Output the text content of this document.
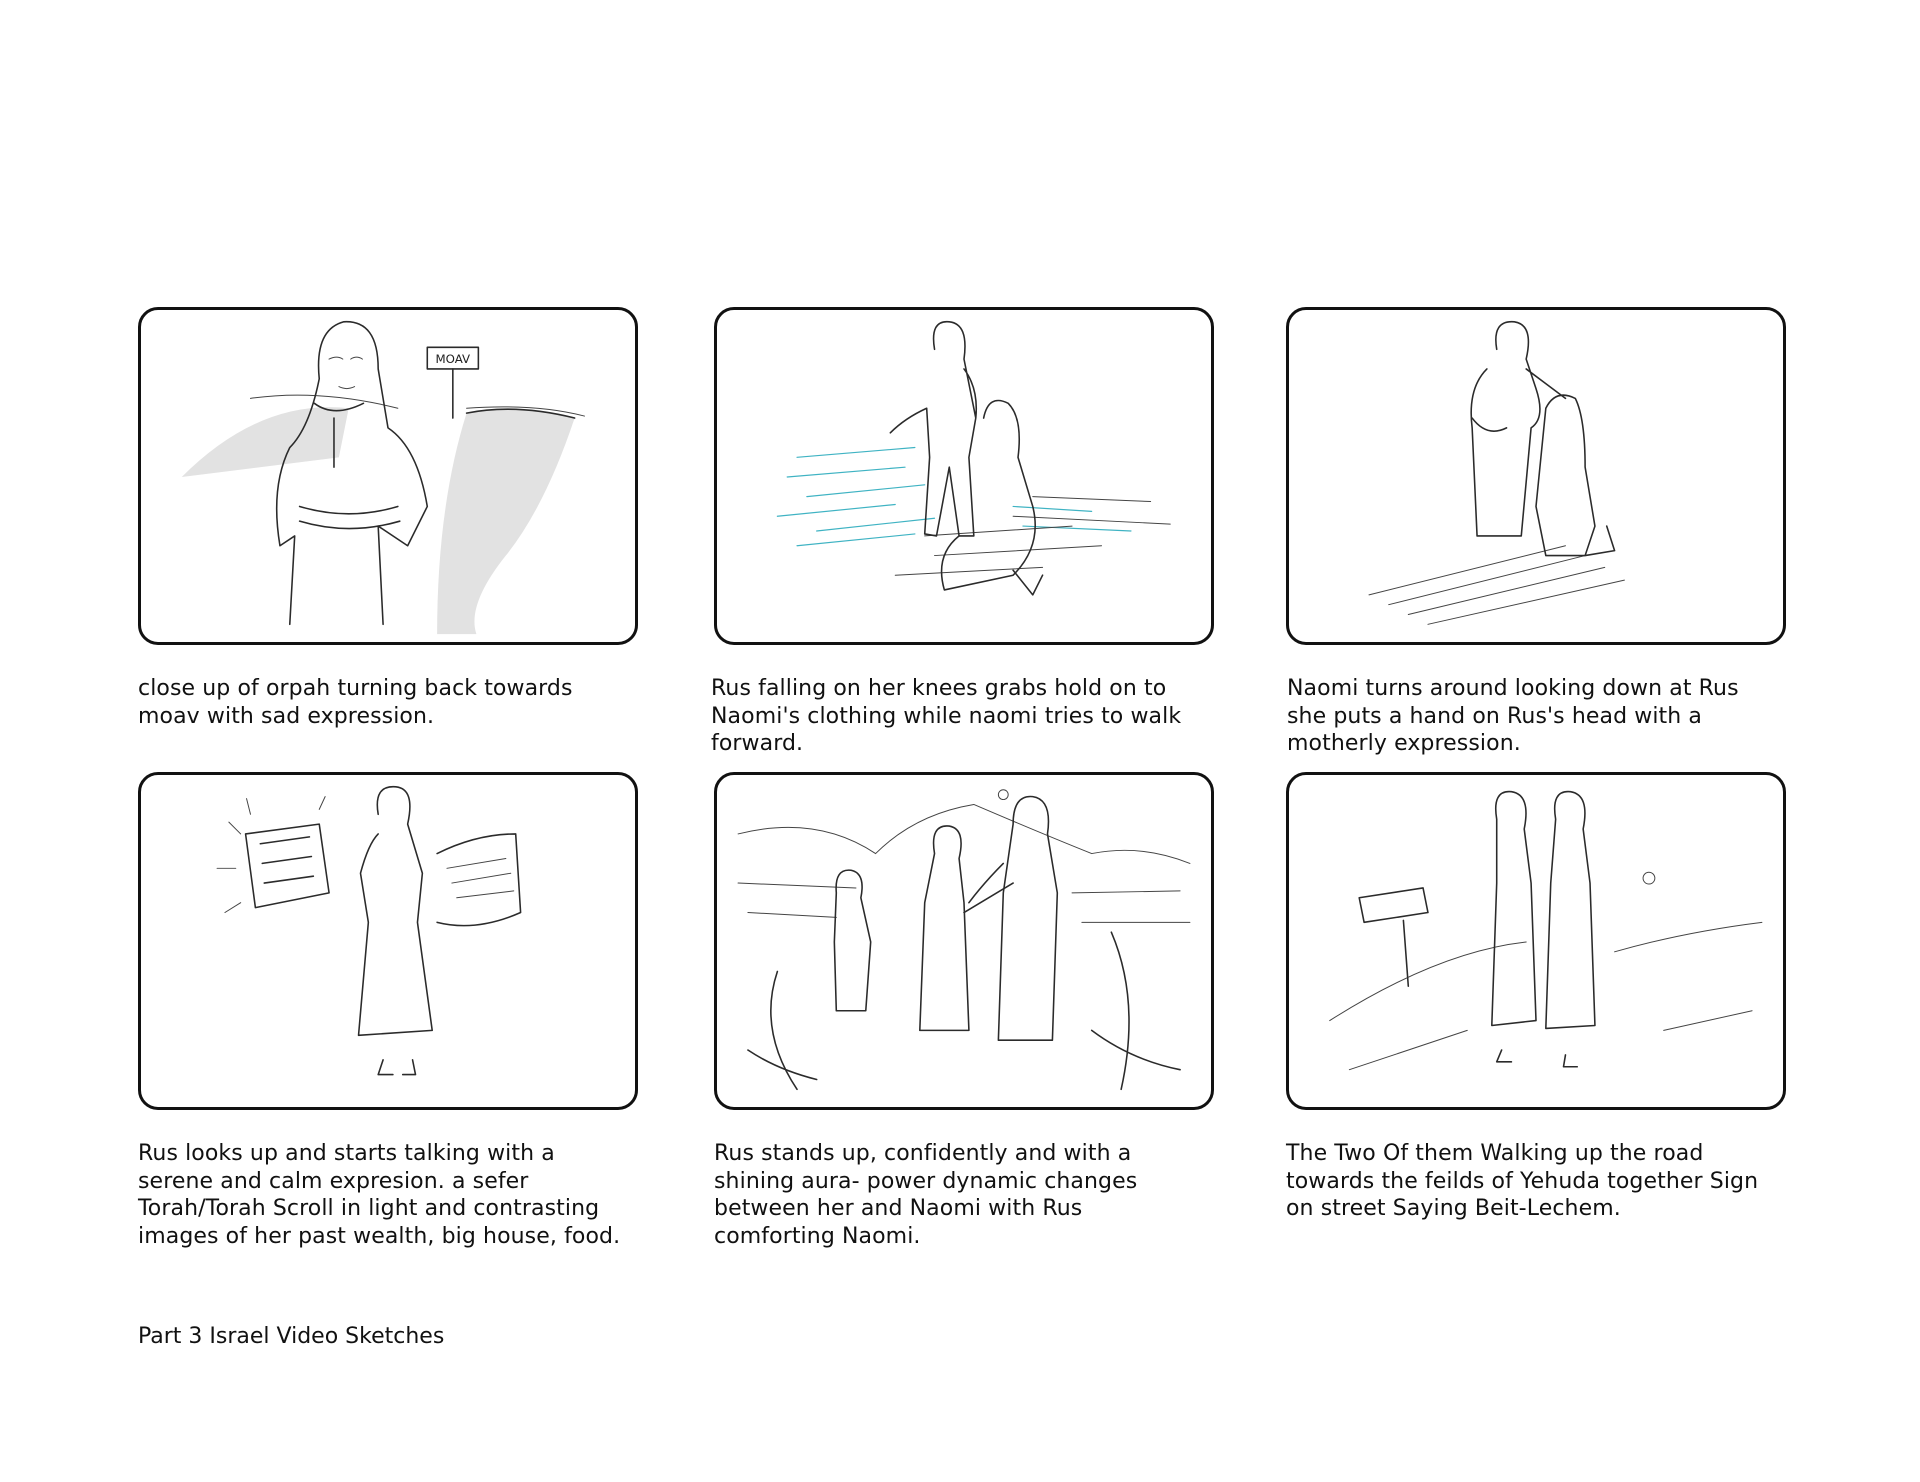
MOAV

close up of orpah turning back towards
moav with sad expression.

Rus falling on her knees grabs hold on to
Naomi's clothing while naomi tries to walk
forward.

Naomi turns around looking down at Rus
she puts a hand on Rus's head with a
motherly expression.

Rus looks up and starts talking with a
serene and calm expresion. a sefer
Torah/Torah Scroll in light and contrasting
images of her past wealth, big house, food.

Rus stands up, confidently and with a
shining aura- power dynamic changes
between her and Naomi with Rus
comforting Naomi.

The Two Of them Walking up the road
towards the feilds of Yehuda together Sign
on street Saying Beit-Lechem.

Part 3 Israel Video Sketches
